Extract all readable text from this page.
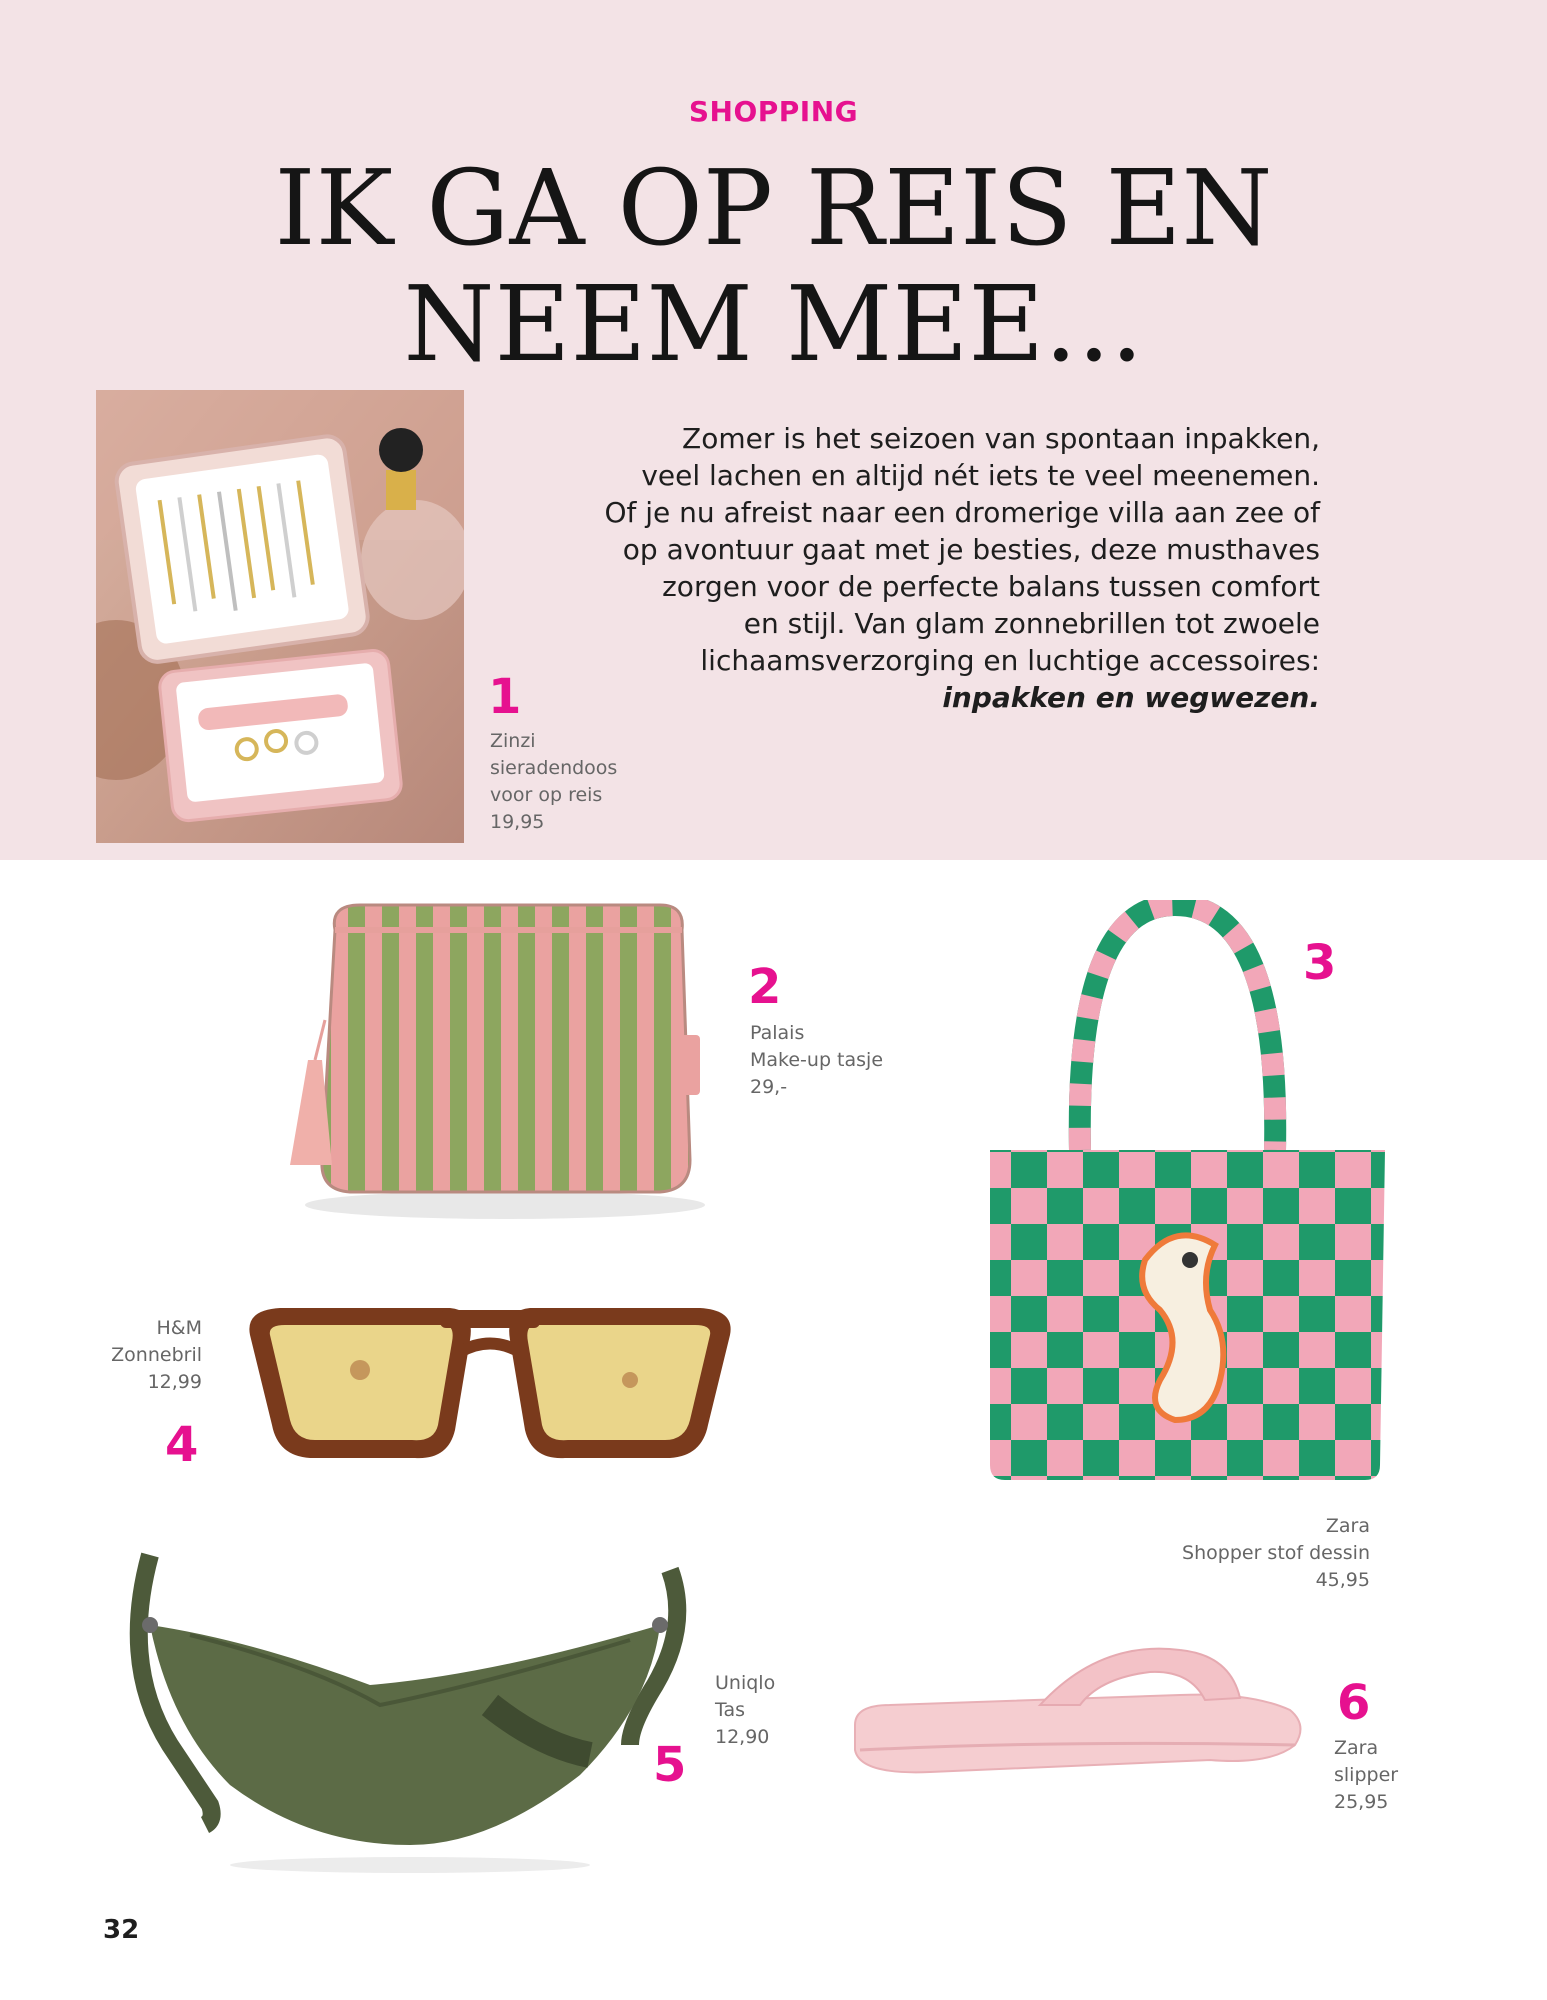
SHOPPING
IK GA OP REIS EN
NEEM MEE...

Zomer is het seizoen van spontaan inpakken,
veel lachen en altijd nét iets te veel meenemen.
Of je nu afreist naar een dromerige villa aan zee of
op avontuur gaat met je besties, deze musthaves
zorgen voor de perfecte balans tussen comfort
en stijl. Van glam zonnebrillen tot zwoele
lichaamsverzorging en luchtige accessoires:
inpakken en wegwezen.

1
Zinzi
sieradendoos
voor op reis
19,95
2
Palais
Make-up tasje
29,-
3
Zara
Shopper stof dessin
45,95
H&M
Zonnebril
12,99
4
5
Uniqlo
Tas
12,90
6
Zara
slipper
25,95
32
